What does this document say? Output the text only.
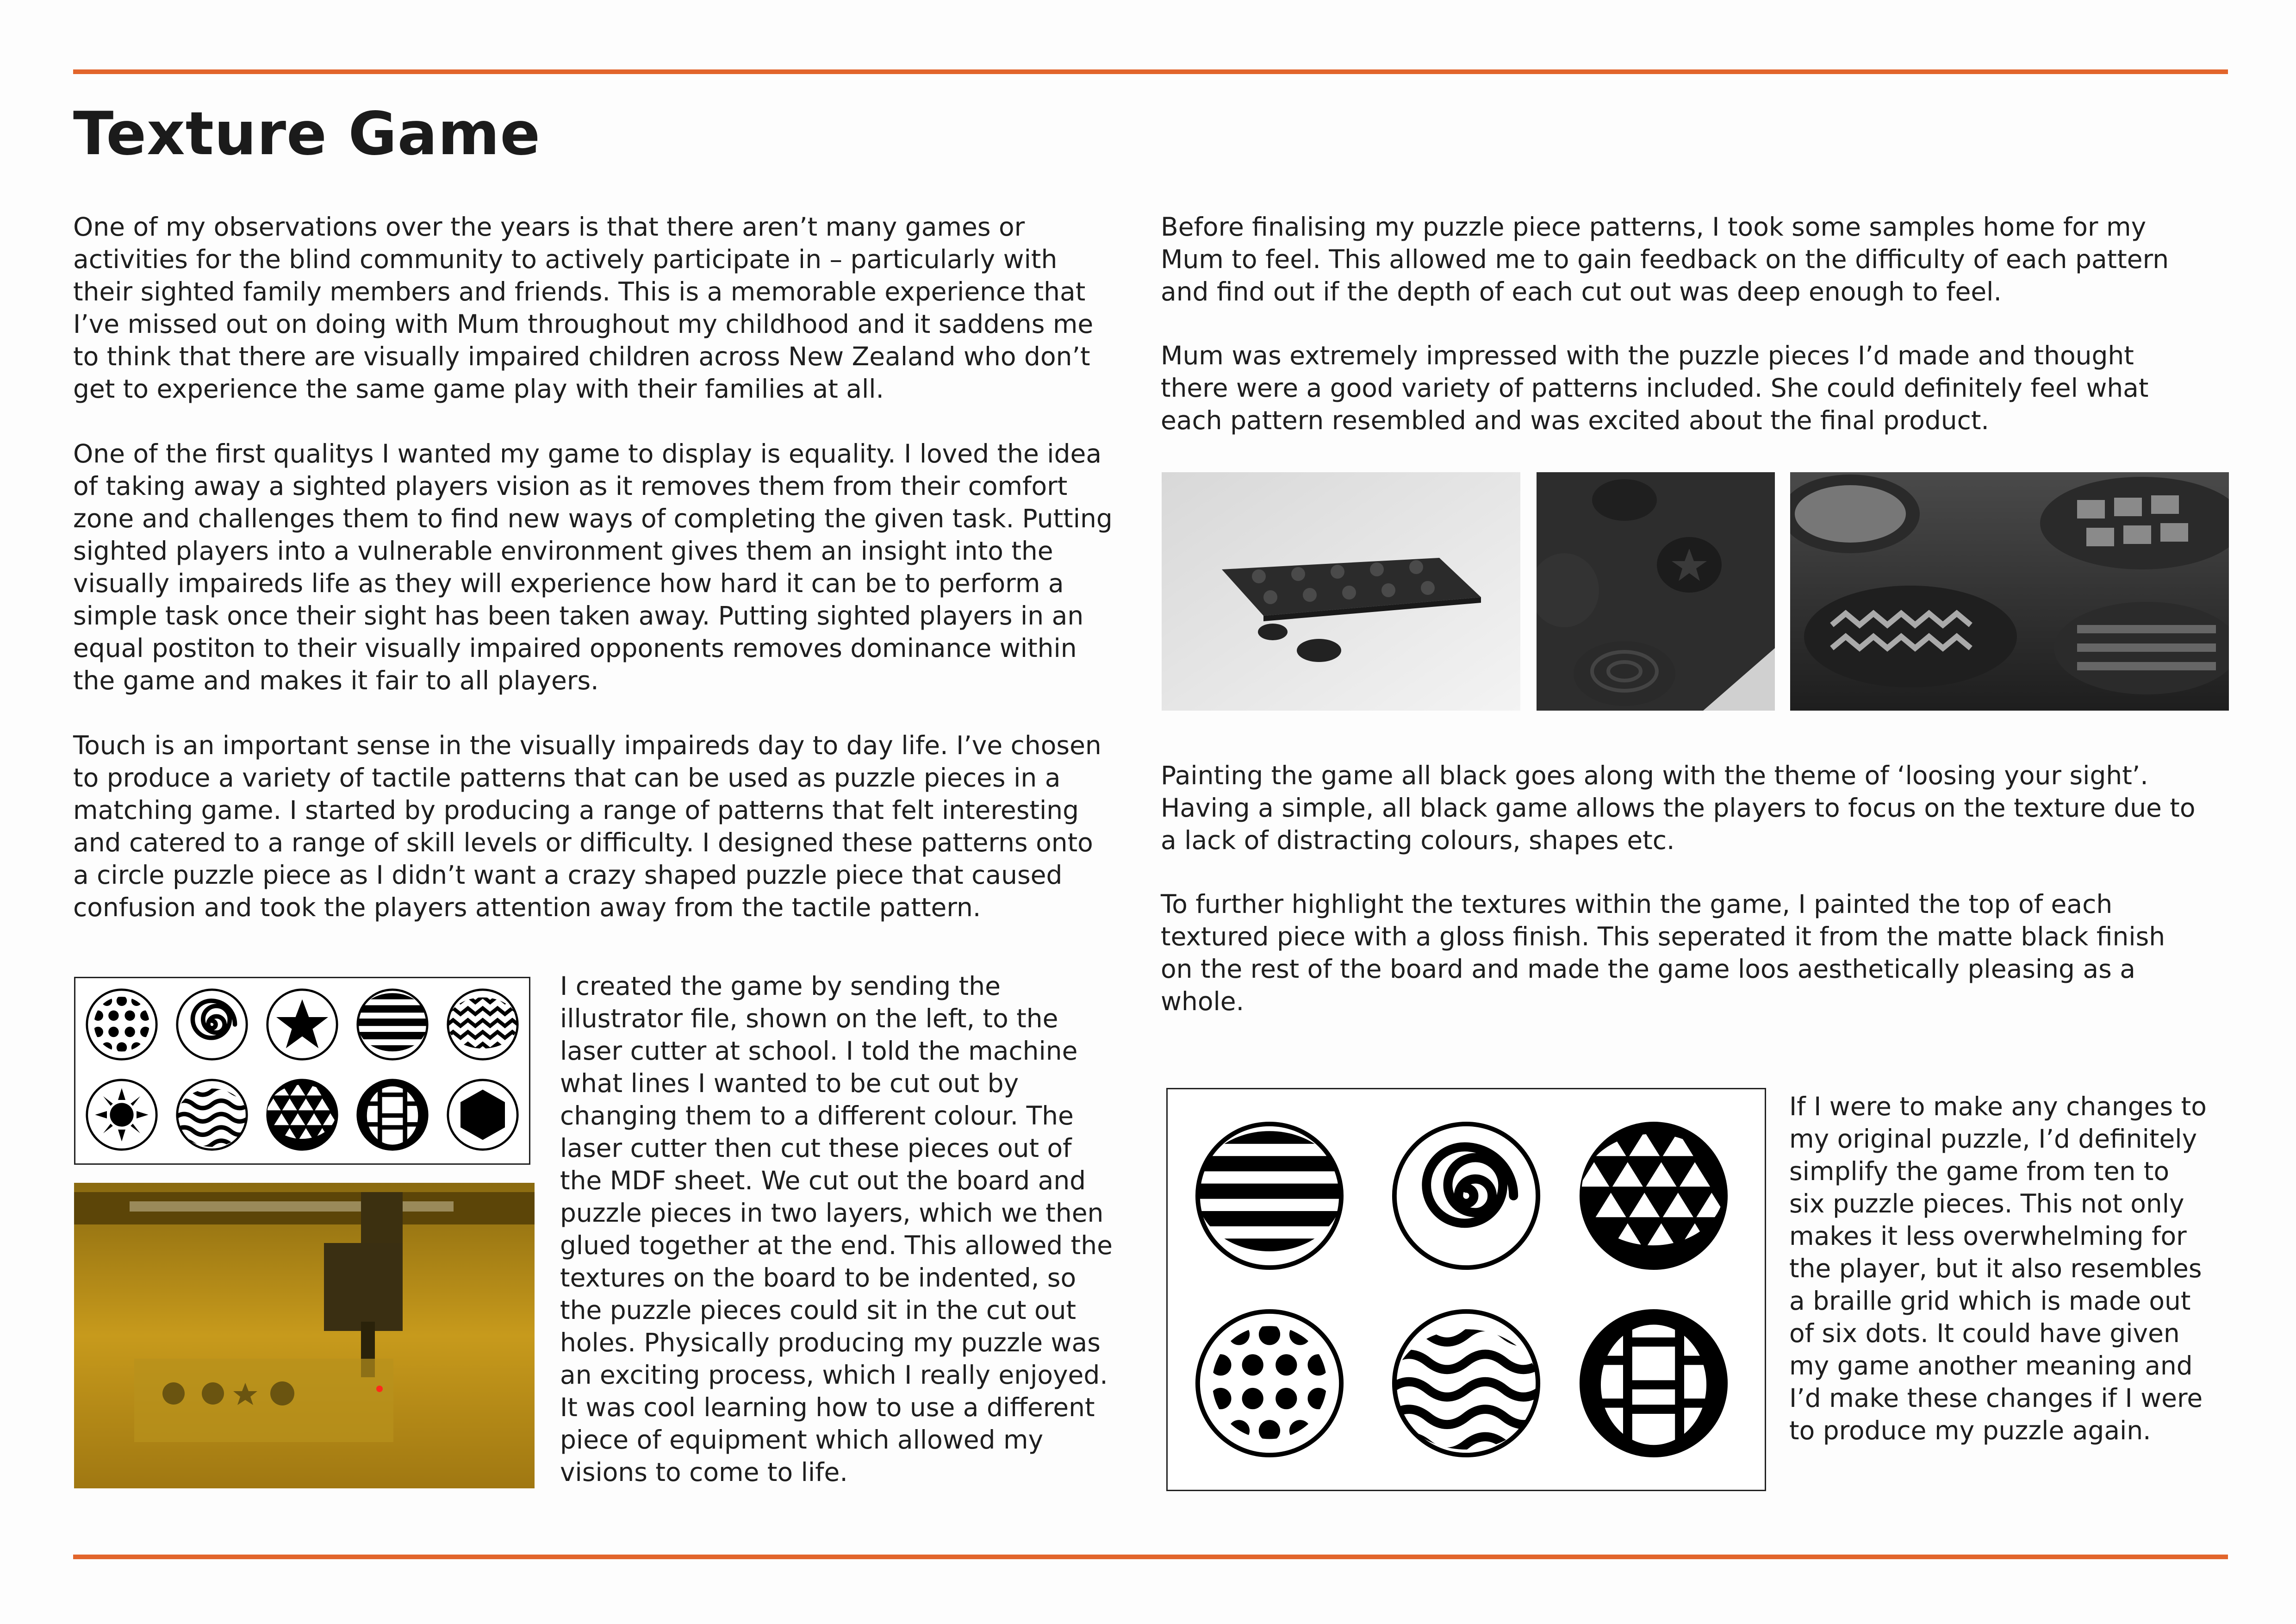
Texture Game

One of my observations over the years is that there aren’t many games or
activities for the blind community to actively participate in – particularly with
their sighted family members and friends. This is a memorable experience that
I’ve missed out on doing with Mum throughout my childhood and it saddens me
to think that there are visually impaired children across New Zealand who don’t
get to experience the same game play with their families at all.

One of the first qualitys I wanted my game to display is equality. I loved the idea
of taking away a sighted players vision as it removes them from their comfort
zone and challenges them to find new ways of completing the given task. Putting
sighted players into a vulnerable environment gives them an insight into the
visually impaireds life as they will experience how hard it can be to perform a
simple task once their sight has been taken away. Putting sighted players in an
equal postiton to their visually impaired opponents removes dominance within
the game and makes it fair to all players.

Touch is an important sense in the visually impaireds day to day life. I’ve chosen
to produce a variety of tactile patterns that can be used as puzzle pieces in a
matching game. I started by producing a range of patterns that felt interesting
and catered to a range of skill levels or difficulty. I designed these patterns onto
a circle puzzle piece as I didn’t want a crazy shaped puzzle piece that caused
confusion and took the players attention away from the tactile pattern.

I created the game by sending the
illustrator file, shown on the left, to the
laser cutter at school. I told the machine
what lines I wanted to be cut out by
changing them to a different colour. The
laser cutter then cut these pieces out of
the MDF sheet. We cut out the board and
puzzle pieces in two layers, which we then
glued together at the end. This allowed the
textures on the board to be indented, so
the puzzle pieces could sit in the cut out
holes. Physically producing my puzzle was
an exciting process, which I really enjoyed.
It was cool learning how to use a different
piece of equipment which allowed my
visions to come to life.

Before finalising my puzzle piece patterns, I took some samples home for my
Mum to feel. This allowed me to gain feedback on the difficulty of each pattern
and find out if the depth of each cut out was deep enough to feel.

Mum was extremely impressed with the puzzle pieces I’d made and thought
there were a good variety of patterns included. She could definitely feel what
each pattern resembled and was excited about the final product.

Painting the game all black goes along with the theme of ‘loosing your sight’.
Having a simple, all black game allows the players to focus on the texture due to
a lack of distracting colours, shapes etc.

To further highlight the textures within the game, I painted the top of each
textured piece with a gloss finish. This seperated it from the matte black finish
on the rest of the board and made the game loos aesthetically pleasing as a
whole.

If I were to make any changes to
my original puzzle, I’d definitely
simplify the game from ten to
six puzzle pieces. This not only
makes it less overwhelming for
the player, but it also resembles
a braille grid which is made out
of six dots. It could have given
my game another meaning and
I’d make these changes if I were
to produce my puzzle again.
